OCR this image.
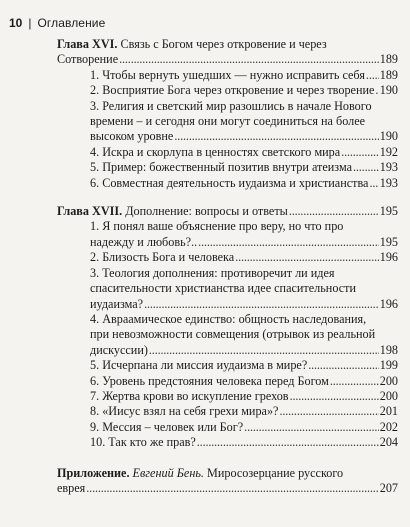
10 | Оглавление
Глава XVI. Связь с Богом через откровение и через
Сотворение . . .	189
1. Чтобы вернуть ушедших — нужно исправить себя . . . 189
2. Восприятие Бога через откровение и через творение . . . 190
3. Религия и светский мир разошлись в начале Нового
времени – и сегодня они могут соединиться на более
высоком уровне . . .	190
4. Искра и скорлупа в ценностях светского мира . . .	192
5. Пример: божественный позитив внутри атеизма . . . 193
6. Совместная деятельность иудаизма и христианства . . . 193
Глава XVII. Дополнение: вопросы и ответы . . .	195
1. Я понял ваше объяснение про веру, но что про
надежду и любовь?.. . . .	195
2. Близость Бога и человека . . .	196
3. Теология дополнения: противоречит ли идея
спасительности христианства идее спасительности
иудаизма? . . .	196
4. Авраамическое единство: общность наследования,
при невозможности совмещения (отрывок из реальной
дискуссии) . . .	198
5. Исчерпана ли миссия иудаизма в мире? . . .	199
6. Уровень предстояния человека перед Богом . . .	200
7. Жертва крови во искупление грехов . . .	200
8. «Иисус взял на себя грехи мира»? . . .	201
9. Мессия – человек или Бог? . . .	202
10. Так кто же прав? . . .	204
Приложение. Евгений Бень. Миросозерцание русского
еврея . . .	207
